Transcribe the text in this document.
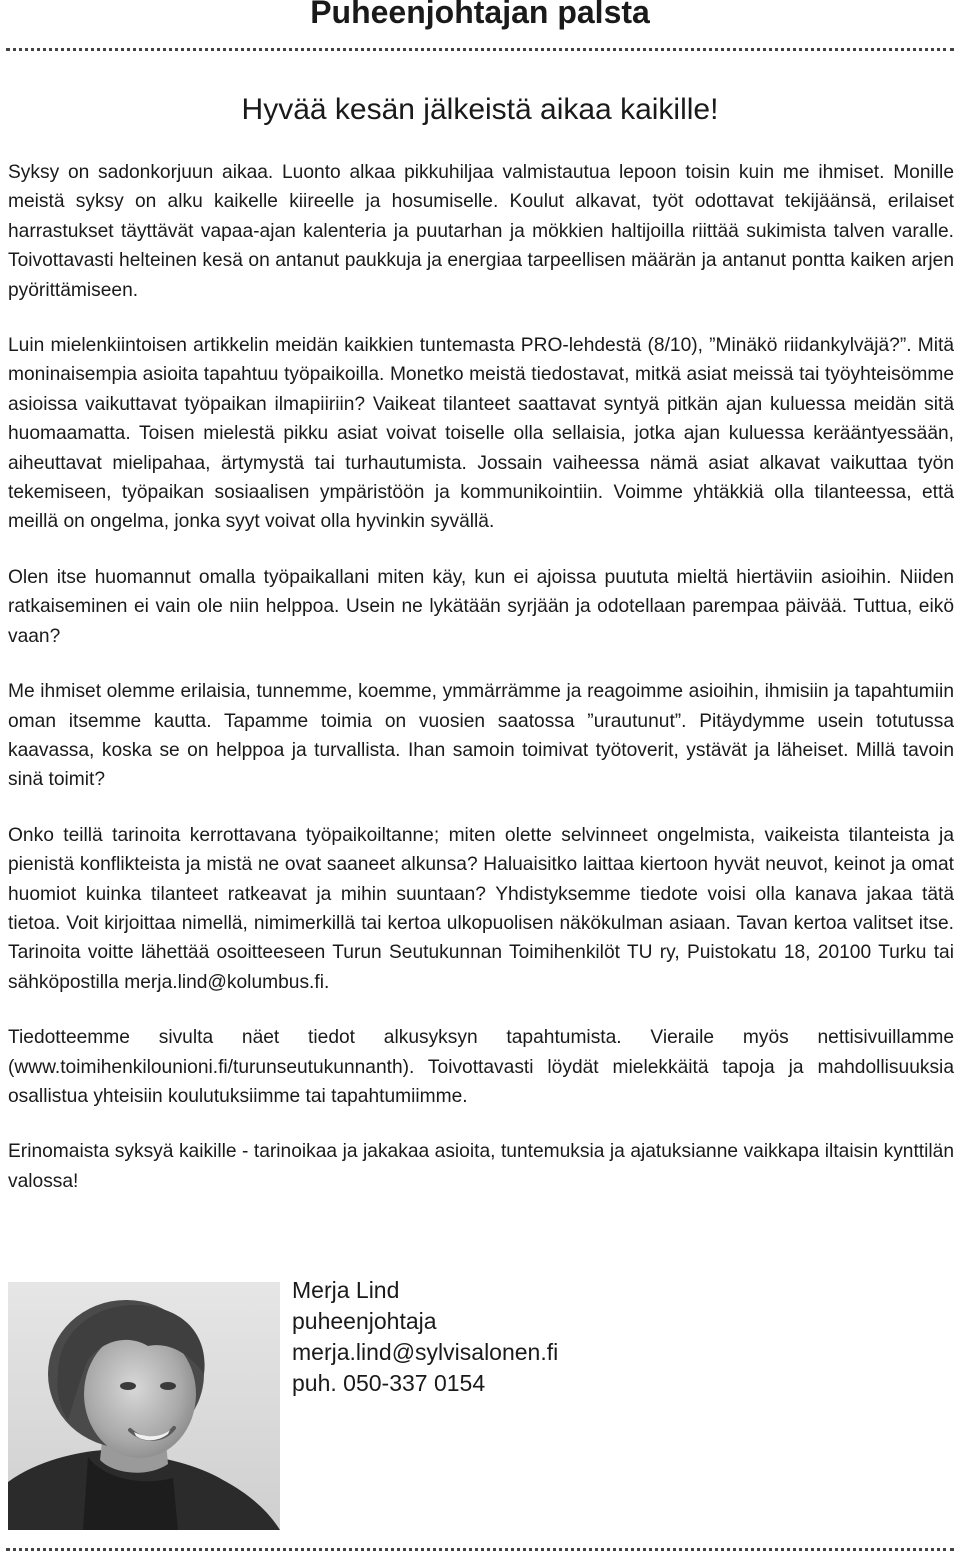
Puheenjohtajan palsta
Hyvää kesän jälkeistä aikaa kaikille!

Syksy on sadonkorjuun aikaa. Luonto alkaa pikkuhiljaa valmistautua lepoon toisin kuin me ihmiset. Monille meistä syksy on alku kaikelle kiireelle ja hosumiselle. Koulut alkavat, työt odottavat tekijäänsä, erilaiset harrastukset täyttävät vapaa-ajan kalenteria ja puutarhan ja mökkien haltijoilla riittää sukimista talven varalle. Toivottavasti helteinen kesä on antanut paukkuja ja energiaa tarpeellisen määrän ja antanut pontta kaiken arjen pyörittämiseen.

Luin mielenkiintoisen artikkelin meidän kaikkien tuntemasta PRO-lehdestä (8/10), ”Minäkö riidankylväjä?”. Mitä moninaisempia asioita tapahtuu työpaikoilla. Monetko meistä tiedostavat, mitkä asiat meissä tai työyhteisömme asioissa vaikuttavat työpaikan ilmapiiriin? Vaikeat tilanteet saattavat syntyä pitkän ajan kuluessa meidän sitä huomaamatta. Toisen mielestä pikku asiat voivat toiselle olla sellaisia, jotka ajan kuluessa kerääntyessään, aiheuttavat mielipahaa, ärtymystä tai turhautumista. Jossain vaiheessa nämä asiat alkavat vaikuttaa työn tekemiseen, työpaikan sosiaalisen ympäristöön ja kommunikointiin. Voimme yhtäkkiä olla tilanteessa, että meillä on ongelma, jonka syyt voivat olla hyvinkin syvällä.

Olen itse huomannut omalla työpaikallani miten käy, kun ei ajoissa puututa mieltä hiertäviin asioihin. Niiden ratkaiseminen ei vain ole niin helppoa. Usein ne lykätään syrjään ja odotellaan parempaa päivää. Tuttua, eikö vaan?

Me ihmiset olemme erilaisia, tunnemme, koemme, ymmärrämme ja reagoimme asioihin, ihmisiin ja tapahtumiin oman itsemme kautta. Tapamme toimia on vuosien saatossa ”urautunut”. Pitäydymme usein totutussa kaavassa, koska se on helppoa ja turvallista. Ihan samoin toimivat työtoverit, ystävät ja läheiset. Millä tavoin sinä toimit?

Onko teillä tarinoita kerrottavana työpaikoiltanne; miten olette selvinneet ongelmista, vaikeista tilanteista ja pienistä konflikteista ja mistä ne ovat saaneet alkunsa? Haluaisitko laittaa kiertoon hyvät neuvot, keinot ja omat huomiot kuinka tilanteet ratkeavat ja mihin suuntaan? Yhdistyksemme tiedote voisi olla kanava jakaa tätä tietoa. Voit kirjoittaa nimellä, nimimerkillä tai kertoa ulkopuolisen näkökulman asiaan. Tavan kertoa valitset itse. Tarinoita voitte lähettää osoitteeseen Turun Seutukunnan Toimihenkilöt TU ry, Puistokatu 18, 20100 Turku tai sähköpostilla merja.lind@kolumbus.fi.

Tiedotteemme sivulta näet tiedot alkusyksyn tapahtumista. Vieraile myös nettisivuillamme (www.toimihenkilounioni.fi/turunseutukunnanth). Toivottavasti löydät mielekkäitä tapoja ja mahdollisuuksia osallistua yhteisiin koulutuksiimme tai tapahtumiimme.

Erinomaista syksyä kaikille - tarinoikaa ja jakakaa asioita, tuntemuksia ja ajatuksianne vaikkapa iltaisin kynttilän valossa!

Merja Lind
puheenjohtaja
merja.lind@sylvisalonen.fi
puh. 050-337 0154
